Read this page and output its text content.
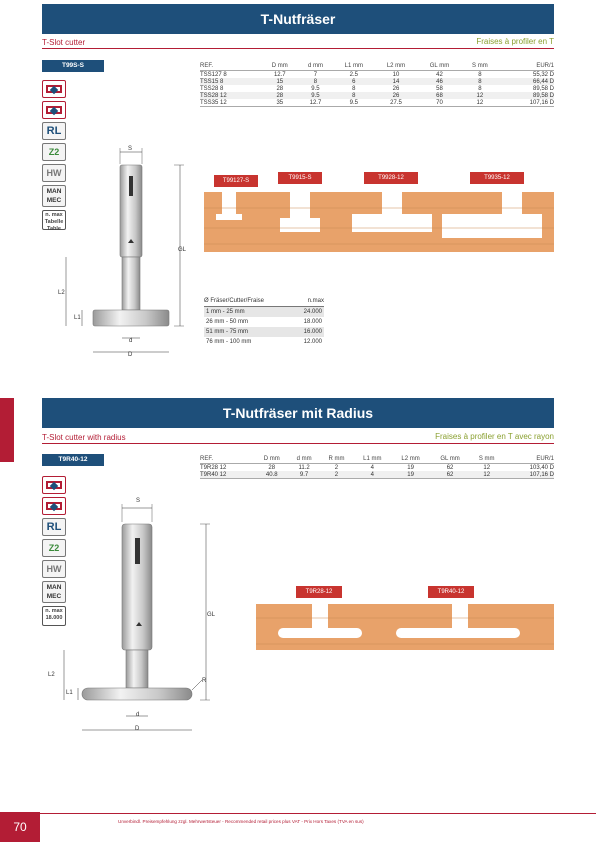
T-Nutfräser
T-Slot cutter	Fraises à profiler en T
T99S-S
RL
Z2
HW
MAN
MEC
n. max
Tabelle
Table
REF.	D mm	d mm	L1 mm	L2 mm	GL mm	S mm	EUR/1
TSS127 8	12.7	7	2.5	10	42	8	55,32 D
TSS15 8	15	8	6	14	46	8	66,44 D
TSS28 8	28	9.5	8	26	58	8	89,58 D
TSS28 12	28	9.5	8	26	68	12	89,58 D
TSS35 12	35	12.7	9.5	27.5	70	12	107,16 D
S
GL
L2
L1
d
D
T99127-S	T9915-S	T9928-12	T9935-12
Ø Fräser/Cutter/Fraise	n.max
1 mm - 25 mm	24.000
26 mm - 50 mm	18.000
51 mm - 75 mm	16.000
76 mm - 100 mm	12.000
T-Nutfräser mit Radius
T-Slot cutter with radius	Fraises à profiler en T avec rayon
T9R40-12
RL
Z2
HW
MAN
MEC
n. max
18.000
REF.	D mm	d mm	R mm	L1 mm	L2 mm	GL mm	S mm	EUR/1
T9R28 12	28	11.2	2	4	19	62	12	103,40 D
T9R40 12	40.8	9.7	2	4	19	62	12	107,16 D
S
GL
L2
L1
R
d
D
T9R28-12	T9R40-12
70	Unverbindl. Preisempfehlung zzgl. Mehrwertsteuer - Recommended retail prices plus VAT - Prix Hors Taxes (TVA en sus)
